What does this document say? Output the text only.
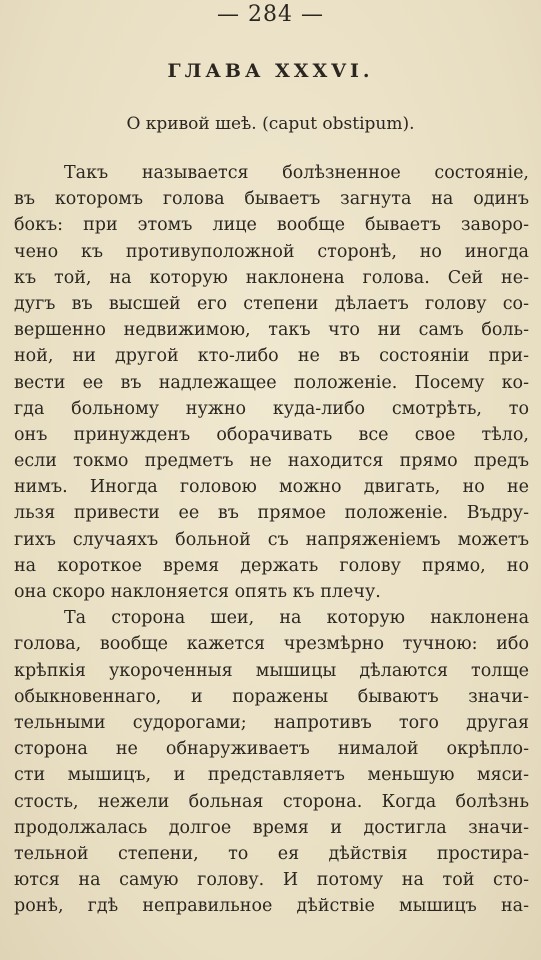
— 284 —
ГЛАВА XXXVI.
О кривой шеѣ. (caput obstipum).
Такъ называется болѣзненное состояніе,
въ которомъ голова бываетъ загнута на одинъ
бокъ: при этомъ лице вообще бываетъ заворо-
чено къ противуположной сторонѣ, но иногда
къ той, на которую наклонена голова. Сей не-
дугъ въ высшей его степени дѣлаетъ голову со-
вершенно недвижимою, такъ что ни самъ боль-
ной, ни другой кто-либо не въ состояніи при-
вести ее въ надлежащее положеніе. Посему ко-
гда больному нужно куда-либо смотрѣть, то
онъ принужденъ оборачивать все свое тѣло,
если токмо предметъ не находится прямо предъ
нимъ. Иногда головою можно двигать, но не
льзя привести ее въ прямое положеніе. Въдру-
гихъ случаяхъ больной съ напряженіемъ можетъ
на короткое время держать голову прямо, но
она скоро наклоняется опять къ плечу.
Та сторона шеи, на которую наклонена
голова, вообще кажется чрезмѣрно тучною: ибо
крѣпкія укороченныя мышицы дѣлаются толще
обыкновеннаго, и поражены бываютъ значи-
тельными судорогами; напротивъ того другая
сторона не обнаруживаетъ нималой окрѣпло-
сти мышицъ, и представляетъ меньшую мяси-
стость, нежели больная сторона. Когда болѣзнь
продолжалась долгое время и достигла значи-
тельной степени, то ея дѣйствія простира-
ются на самую голову. И потому на той сто-
ронѣ, гдѣ неправильное дѣйствіе мышицъ на-
